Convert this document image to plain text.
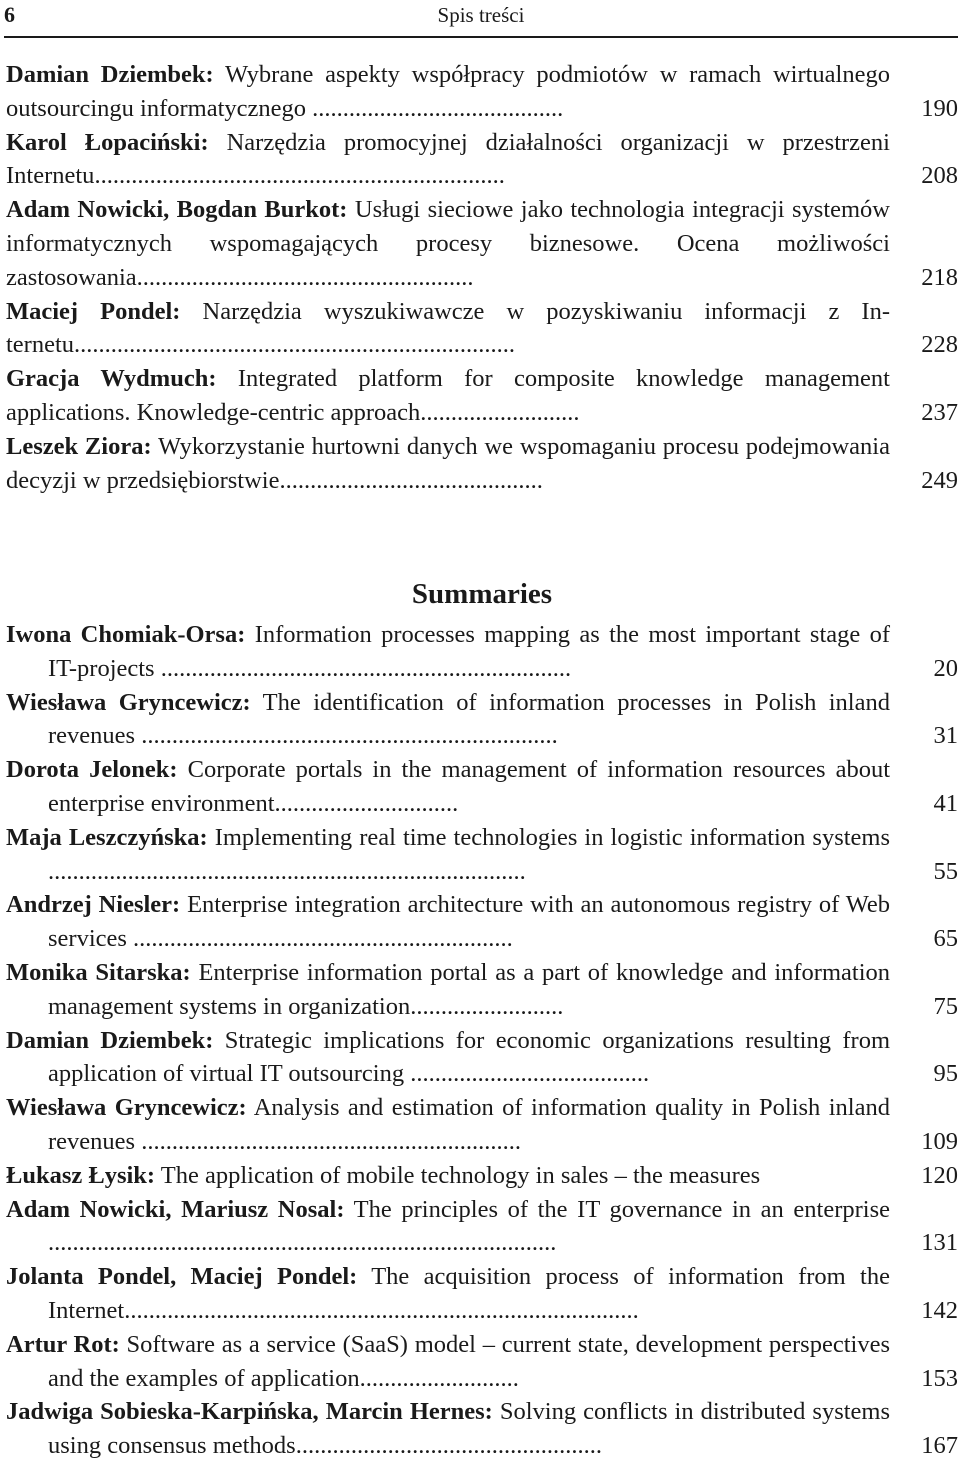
6	Spis treści
Damian Dziembek: Wybrane aspekty współpracy podmiotów w ramach wirtualnego outsourcingu informatycznego .........................................	190
Karol Łopaciński: Narzędzia promocyjnej działalności organizacji w przestrzeni Internetu...................................................................	208
Adam Nowicki, Bogdan Burkot: Usługi sieciowe jako technologia integracji systemów informatycznych wspomagających procesy biznesowe. Ocena możliwości zastosowania.......................................................	218
Maciej Pondel: Narzędzia wyszukiwawcze w pozyskiwaniu informacji z Internetu........................................................................	228
Gracja Wydmuch: Integrated platform for composite knowledge management applications. Knowledge-centric approach..........................	237
Leszek Ziora: Wykorzystanie hurtowni danych we wspomaganiu procesu podejmowania decyzji w przedsiębiorstwie...........................................	249
Summaries
Iwona Chomiak-Orsa: Information processes mapping as the most important stage of IT-projects ...................................................................	20
Wiesława Gryncewicz: The identification of information processes in Polish inland revenues ....................................................................	31
Dorota Jelonek: Corporate portals in the management of information resources about enterprise environment..............................	41
Maja Leszczyńska: Implementing real time technologies in logistic information systems ..............................................................................	55
Andrzej Niesler: Enterprise integration architecture with an autonomous registry of Web services ..............................................................	65
Monika Sitarska: Enterprise information portal as a part of knowledge and information management systems in organization.........................	75
Damian Dziembek: Strategic implications for economic organizations resulting from application of virtual IT outsourcing .......................................	95
Wiesława Gryncewicz: Analysis and estimation of information quality in Polish inland revenues ..............................................................	109
Łukasz Łysik: The application of mobile technology in sales – the measures	120
Adam Nowicki, Mariusz Nosal: The principles of the IT governance in an enterprise ...................................................................................	131
Jolanta Pondel, Maciej Pondel: The acquisition process of information from the Internet....................................................................................	142
Artur Rot: Software as a service (SaaS) model – current state, development perspectives and the examples of application..........................	153
Jadwiga Sobieska-Karpińska, Marcin Hernes: Solving conflicts in distributed systems using consensus methods..................................................	167
